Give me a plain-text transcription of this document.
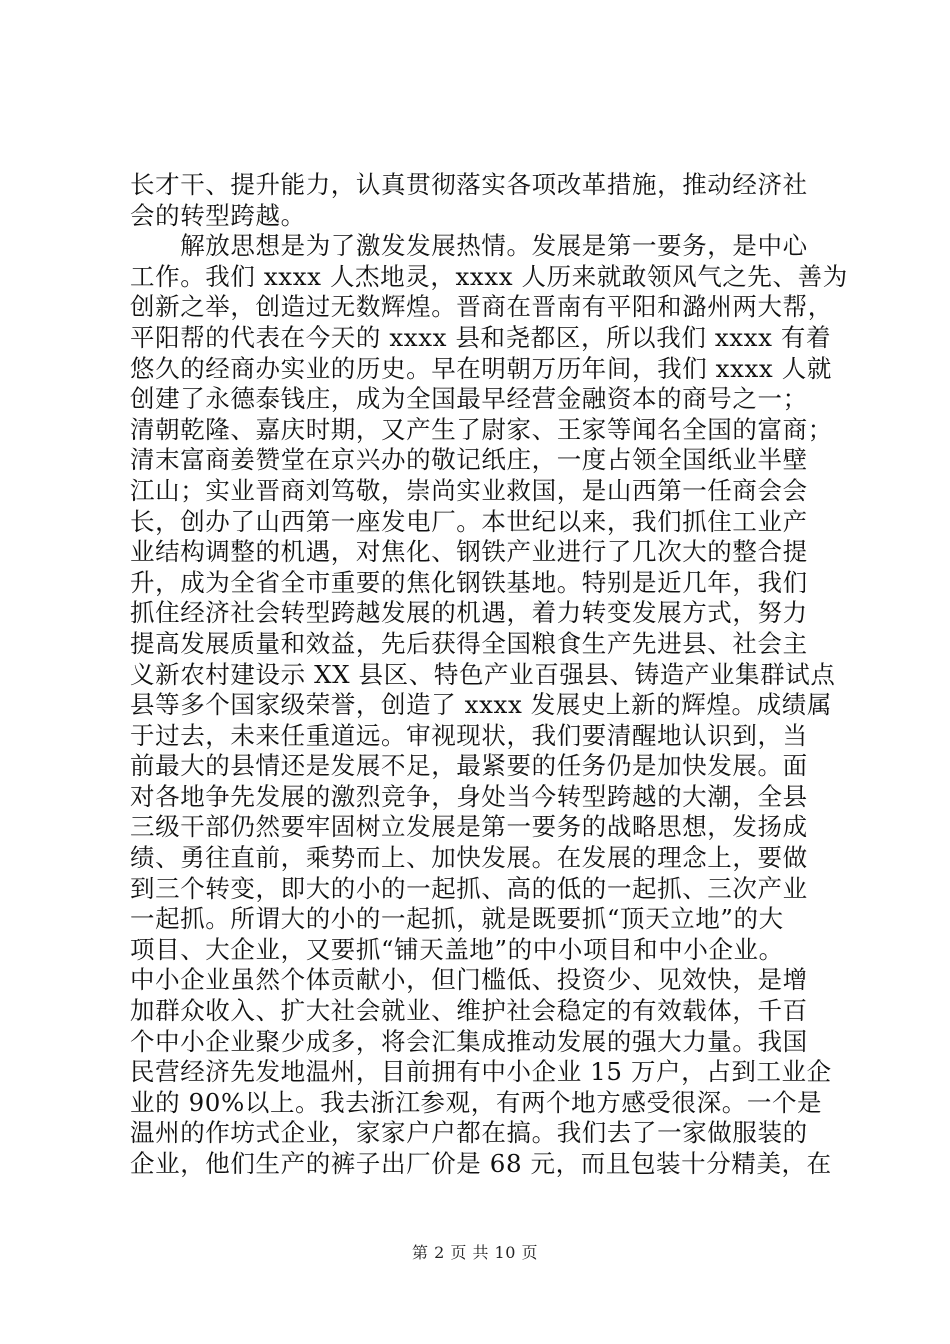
长才干、提升能力，认真贯彻落实各项改革措施，推动经济社
会的转型跨越。
　　解放思想是为了激发发展热情。发展是第一要务，是中心
工作。我们 xxxx 人杰地灵，xxxx 人历来就敢领风气之先、善为
创新之举，创造过无数辉煌。晋商在晋南有平阳和潞州两大帮，
平阳帮的代表在今天的 xxxx 县和尧都区，所以我们 xxxx 有着
悠久的经商办实业的历史。早在明朝万历年间，我们 xxxx 人就
创建了永德泰钱庄，成为全国最早经营金融资本的商号之一；
清朝乾隆、嘉庆时期，又产生了尉家、王家等闻名全国的富商；
清末富商姜赞堂在京兴办的敬记纸庄，一度占领全国纸业半壁
江山；实业晋商刘笃敬，崇尚实业救国，是山西第一任商会会
长，创办了山西第一座发电厂。本世纪以来，我们抓住工业产
业结构调整的机遇，对焦化、钢铁产业进行了几次大的整合提
升，成为全省全市重要的焦化钢铁基地。特别是近几年，我们
抓住经济社会转型跨越发展的机遇，着力转变发展方式，努力
提高发展质量和效益，先后获得全国粮食生产先进县、社会主
义新农村建设示 XX 县区、特色产业百强县、铸造产业集群试点
县等多个国家级荣誉，创造了 xxxx 发展史上新的辉煌。成绩属
于过去，未来任重道远。审视现状，我们要清醒地认识到，当
前最大的县情还是发展不足，最紧要的任务仍是加快发展。面
对各地争先发展的激烈竞争，身处当今转型跨越的大潮，全县
三级干部仍然要牢固树立发展是第一要务的战略思想，发扬成
绩、勇往直前，乘势而上、加快发展。在发展的理念上，要做
到三个转变，即大的小的一起抓、高的低的一起抓、三次产业
一起抓。所谓大的小的一起抓，就是既要抓“顶天立地”的大
项目、大企业，又要抓“铺天盖地”的中小项目和中小企业。
中小企业虽然个体贡献小，但门槛低、投资少、见效快，是增
加群众收入、扩大社会就业、维护社会稳定的有效载体，千百
个中小企业聚少成多，将会汇集成推动发展的强大力量。我国
民营经济先发地温州，目前拥有中小企业 15 万户，占到工业企
业的 90%以上。我去浙江参观，有两个地方感受很深。一个是
温州的作坊式企业，家家户户都在搞。我们去了一家做服装的
企业，他们生产的裤子出厂价是 68 元，而且包装十分精美，在
第 2 页 共 10 页
